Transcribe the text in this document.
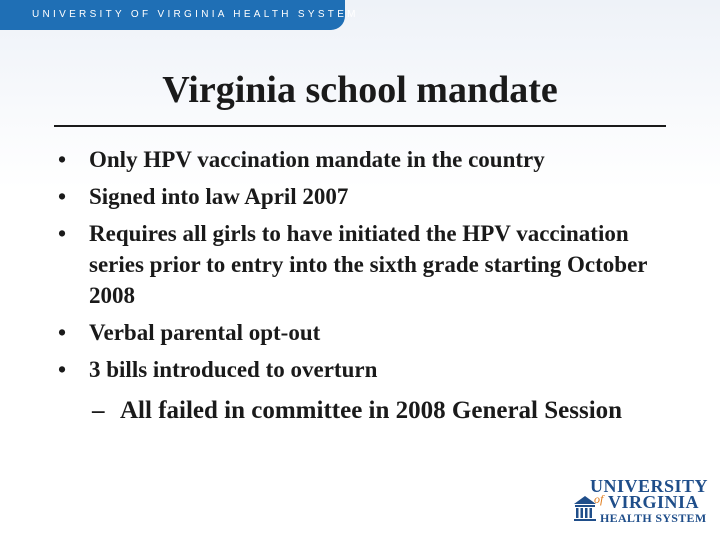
UNIVERSITY OF VIRGINIA HEALTH SYSTEM
Virginia school mandate
• Only HPV vaccination mandate in the country
• Signed into law April 2007
• Requires all girls to have initiated the HPV vaccination series prior to entry into the sixth grade starting October 2008
• Verbal parental opt-out
• 3 bills introduced to overturn
– All failed in committee in 2008 General Session
UNIVERSITY
of VIRGINIA
HEALTH SYSTEM
